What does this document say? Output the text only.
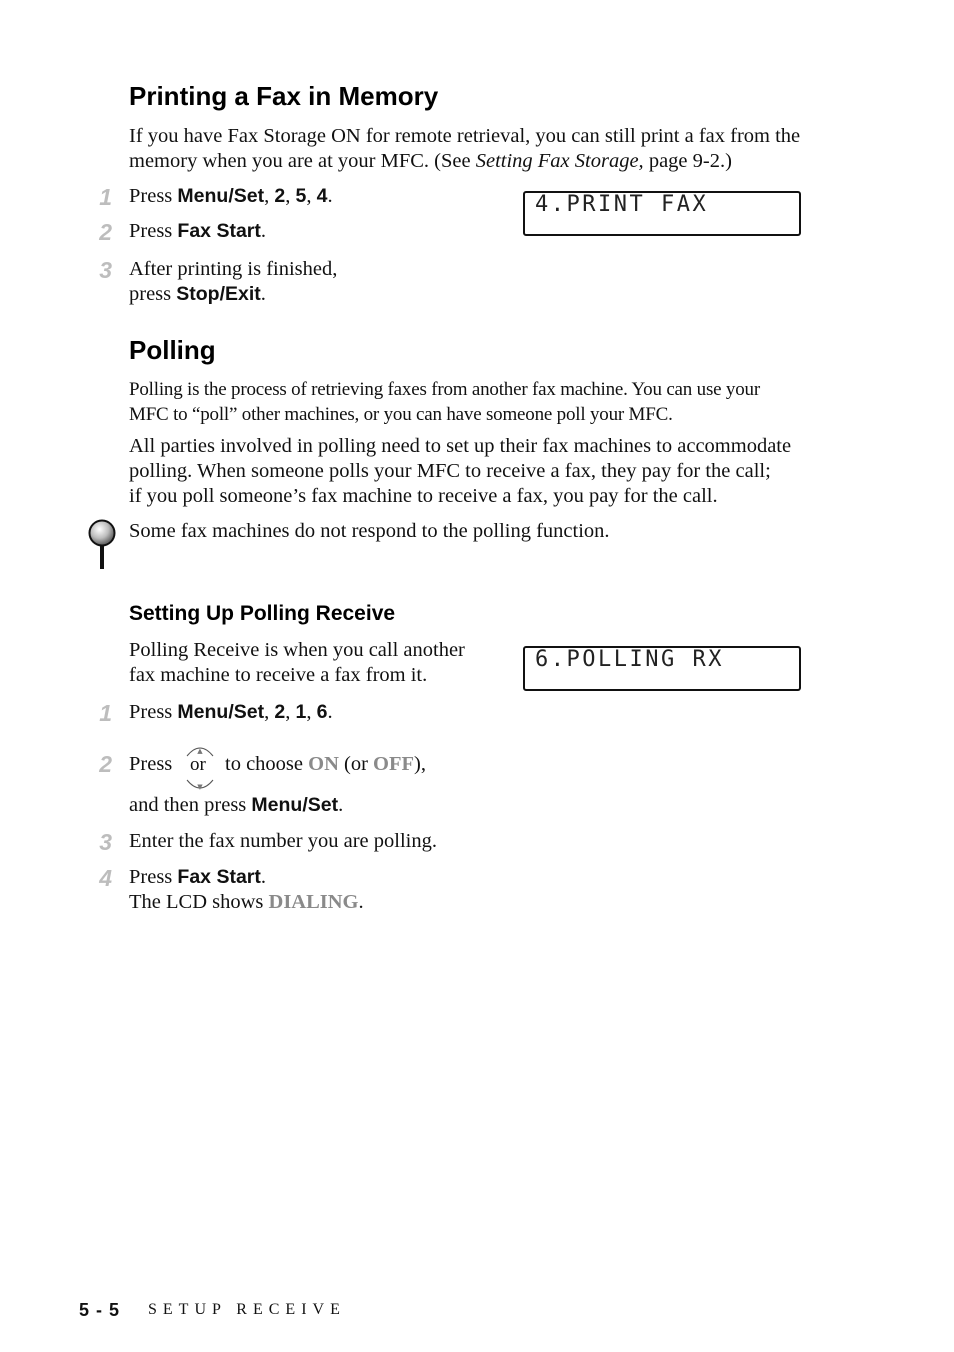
Printing a Fax in Memory
If you have Fax Storage ON for remote retrieval, you can still print a fax from the
memory when you are at your MFC. (See Setting Fax Storage, page 9-2.)
1 Press Menu/Set, 2, 5, 4.
2 Press Fax Start.
3 After printing is finished,
press Stop/Exit.
4.PRINT FAX
Polling
Polling is the process of retrieving faxes from another fax machine. You can use your
MFC to “poll” other machines, or you can have someone poll your MFC.
All parties involved in polling need to set up their fax machines to accommodate
polling. When someone polls your MFC to receive a fax, they pay for the call;
if you poll someone’s fax machine to receive a fax, you pay for the call.
Some fax machines do not respond to the polling function.
Setting Up Polling Receive
Polling Receive is when you call another
fax machine to receive a fax from it.
6.POLLING RX
1 Press Menu/Set, 2, 1, 6.
2 Press
▲
▼
or to choose ON (or OFF),
and then press Menu/Set.
3 Enter the fax number you are polling.
4 Press Fax Start.
The LCD shows DIALING.
5 - 5 SETUP RECEIVE
